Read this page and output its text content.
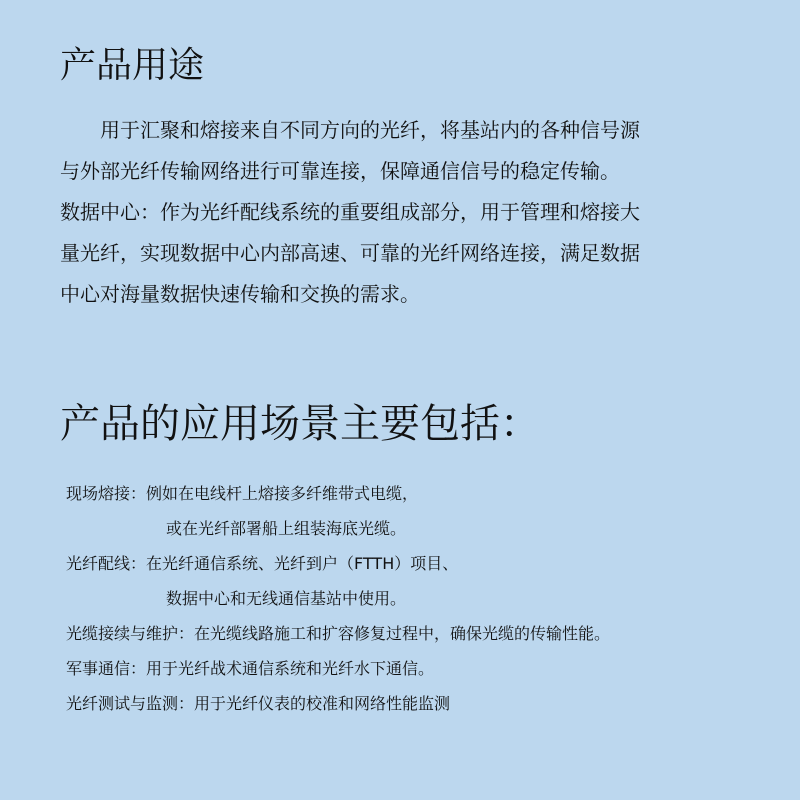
产品用途
用于汇聚和熔接来自不同方向的光纤，将基站内的各种信号源
与外部光纤传输网络进行可靠连接，保障通信信号的稳定传输。
数据中心：作为光纤配线系统的重要组成部分，用于管理和熔接大
量光纤，实现数据中心内部高速、可靠的光纤网络连接，满足数据
中心对海量数据快速传输和交换的需求。
产品的应用场景主要包括：
现场熔接： 例如在电线杆上熔接多纤维带式电缆，
或在光纤部署船上组装海底光缆。
光纤配线： 在光纤通信系统、光纤到户（FTTH）项目、
数据中心和无线通信基站中使用。
光缆接续与维护： 在光缆线路施工和扩容修复过程中，确保光缆的传输性能。
军事通信： 用于光纤战术通信系统和光纤水下通信。
光纤测试与监测： 用于光纤仪表的校准和网络性能监测
